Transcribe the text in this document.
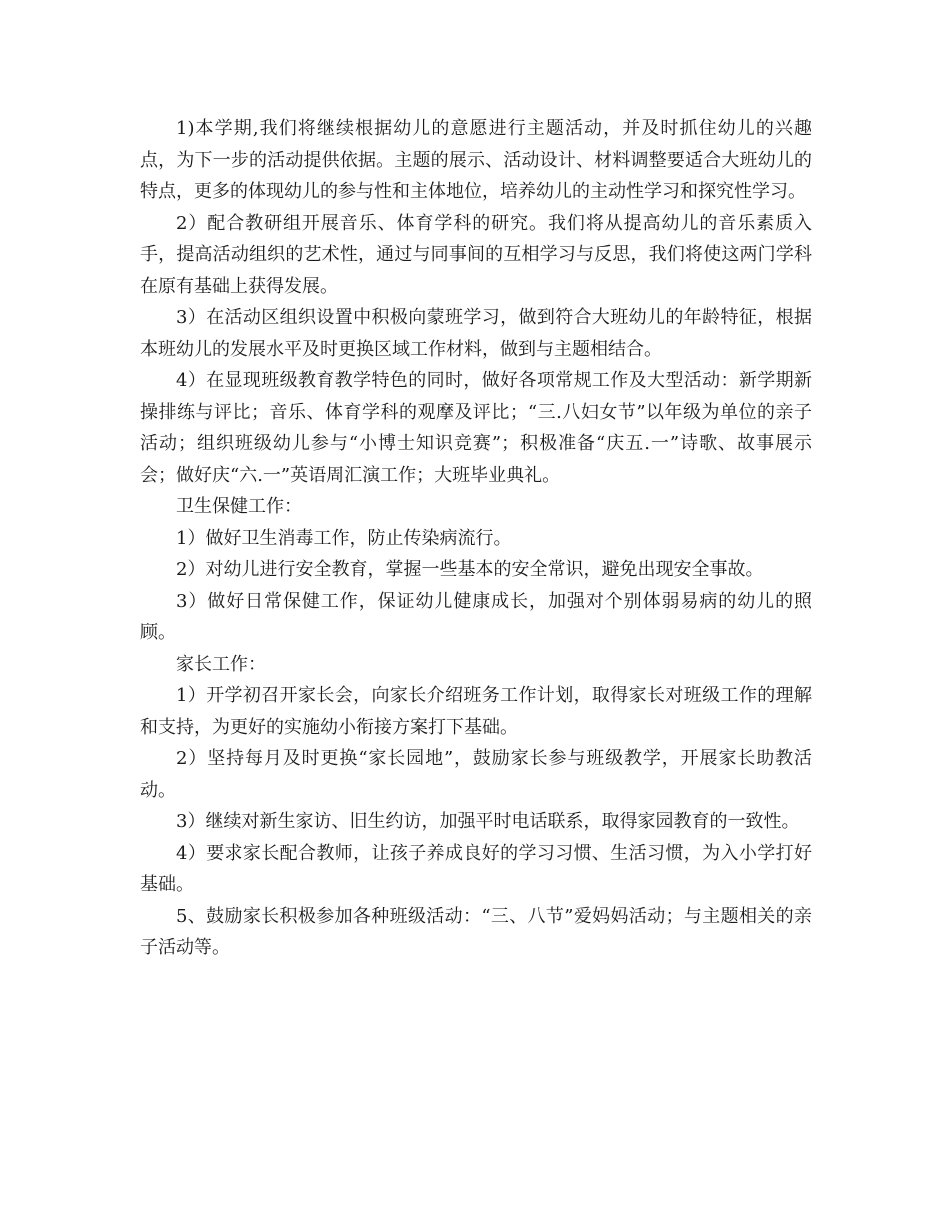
1)本学期,我们将继续根据幼儿的意愿进行主题活动，并及时抓住幼儿的兴趣点，为下一步的活动提供依据。主题的展示、活动设计、材料调整要适合大班幼儿的特点，更多的体现幼儿的参与性和主体地位，培养幼儿的主动性学习和探究性学习。

2）配合教研组开展音乐、体育学科的研究。我们将从提高幼儿的音乐素质入手，提高活动组织的艺术性，通过与同事间的互相学习与反思，我们将使这两门学科在原有基础上获得发展。

3）在活动区组织设置中积极向蒙班学习，做到符合大班幼儿的年龄特征，根据本班幼儿的发展水平及时更换区域工作材料，做到与主题相结合。

4）在显现班级教育教学特色的同时，做好各项常规工作及大型活动：新学期新操排练与评比；音乐、体育学科的观摩及评比；“三.八妇女节”以年级为单位的亲子活动；组织班级幼儿参与“小博士知识竞赛”；积极准备“庆五.一”诗歌、故事展示会；做好庆“六.一”英语周汇演工作；大班毕业典礼。

卫生保健工作：

1）做好卫生消毒工作，防止传染病流行。

2）对幼儿进行安全教育，掌握一些基本的安全常识，避免出现安全事故。

3）做好日常保健工作，保证幼儿健康成长，加强对个别体弱易病的幼儿的照顾。

家长工作：

1）开学初召开家长会，向家长介绍班务工作计划，取得家长对班级工作的理解和支持，为更好的实施幼小衔接方案打下基础。

2）坚持每月及时更换“家长园地”，鼓励家长参与班级教学，开展家长助教活动。

3）继续对新生家访、旧生约访，加强平时电话联系，取得家园教育的一致性。

4）要求家长配合教师，让孩子养成良好的学习习惯、生活习惯，为入小学打好基础。

5、鼓励家长积极参加各种班级活动：“三、八节”爱妈妈活动；与主题相关的亲子活动等。
